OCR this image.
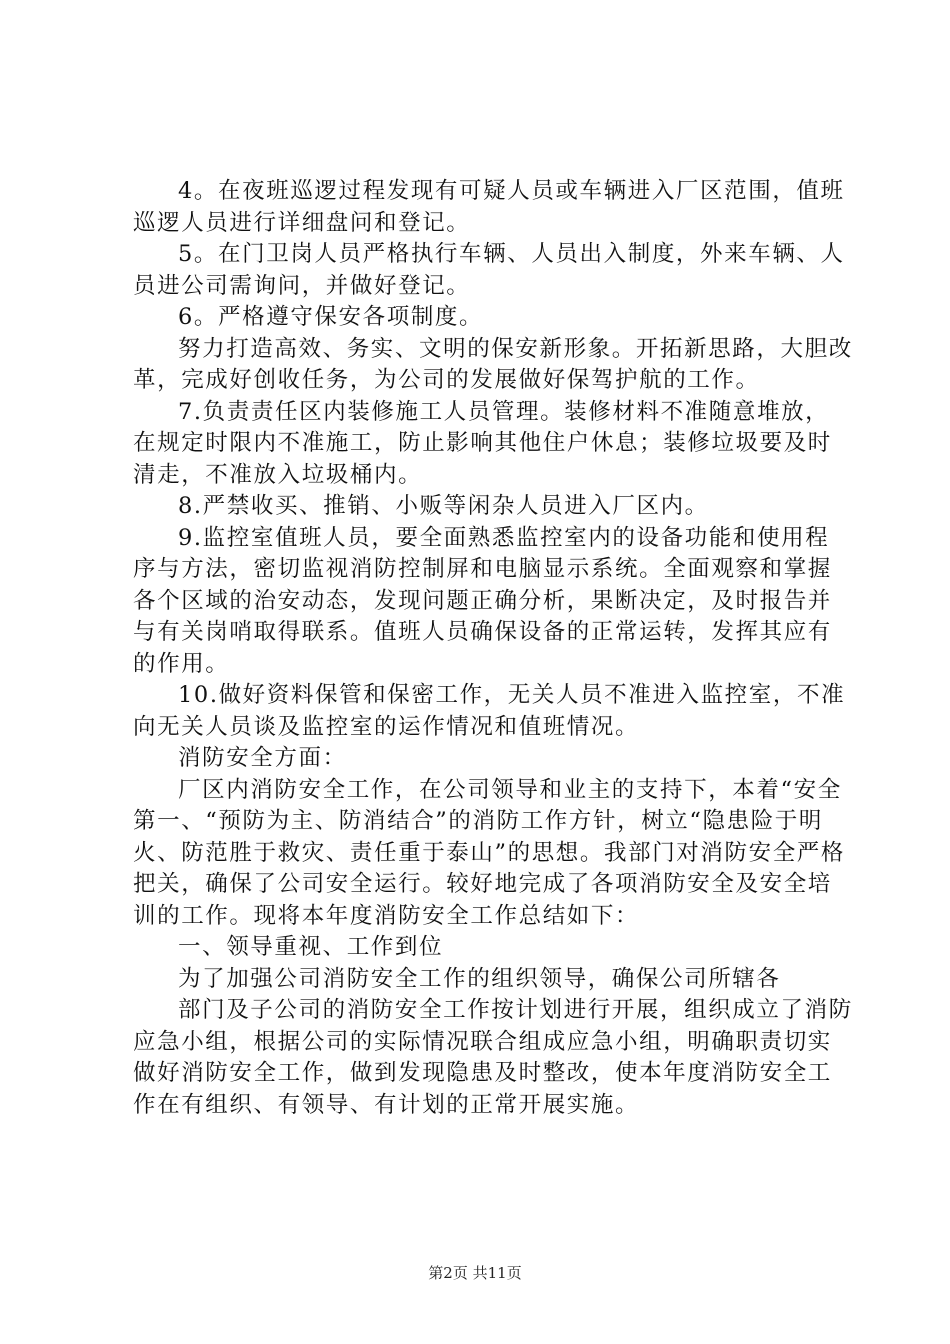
4。在夜班巡逻过程发现有可疑人员或车辆进入厂区范围，值班巡逻人员进行详细盘问和登记。

5。在门卫岗人员严格执行车辆、人员出入制度，外来车辆、人员进公司需询问，并做好登记。

6。严格遵守保安各项制度。

努力打造高效、务实、文明的保安新形象。开拓新思路，大胆改革，完成好创收任务，为公司的发展做好保驾护航的工作。

7.负责责任区内装修施工人员管理。装修材料不准随意堆放，在规定时限内不准施工，防止影响其他住户休息；装修垃圾要及时清走，不准放入垃圾桶内。

8.严禁收买、推销、小贩等闲杂人员进入厂区内。

9.监控室值班人员，要全面熟悉监控室内的设备功能和使用程序与方法，密切监视消防控制屏和电脑显示系统。全面观察和掌握各个区域的治安动态，发现问题正确分析，果断决定，及时报告并与有关岗哨取得联系。值班人员确保设备的正常运转，发挥其应有的作用。

10.做好资料保管和保密工作，无关人员不准进入监控室，不准向无关人员谈及监控室的运作情况和值班情况。

消防安全方面：

厂区内消防安全工作，在公司领导和业主的支持下，本着“安全第一、“预防为主、防消结合”的消防工作方针，树立“隐患险于明火、防范胜于救灾、责任重于泰山”的思想。我部门对消防安全严格把关，确保了公司安全运行。较好地完成了各项消防安全及安全培训的工作。现将本年度消防安全工作总结如下：

一、领导重视、工作到位

为了加强公司消防安全工作的组织领导，确保公司所辖各

部门及子公司的消防安全工作按计划进行开展，组织成立了消防应急小组，根据公司的实际情况联合组成应急小组，明确职责切实做好消防安全工作，做到发现隐患及时整改，使本年度消防安全工作在有组织、有领导、有计划的正常开展实施。

第2页 共11页
